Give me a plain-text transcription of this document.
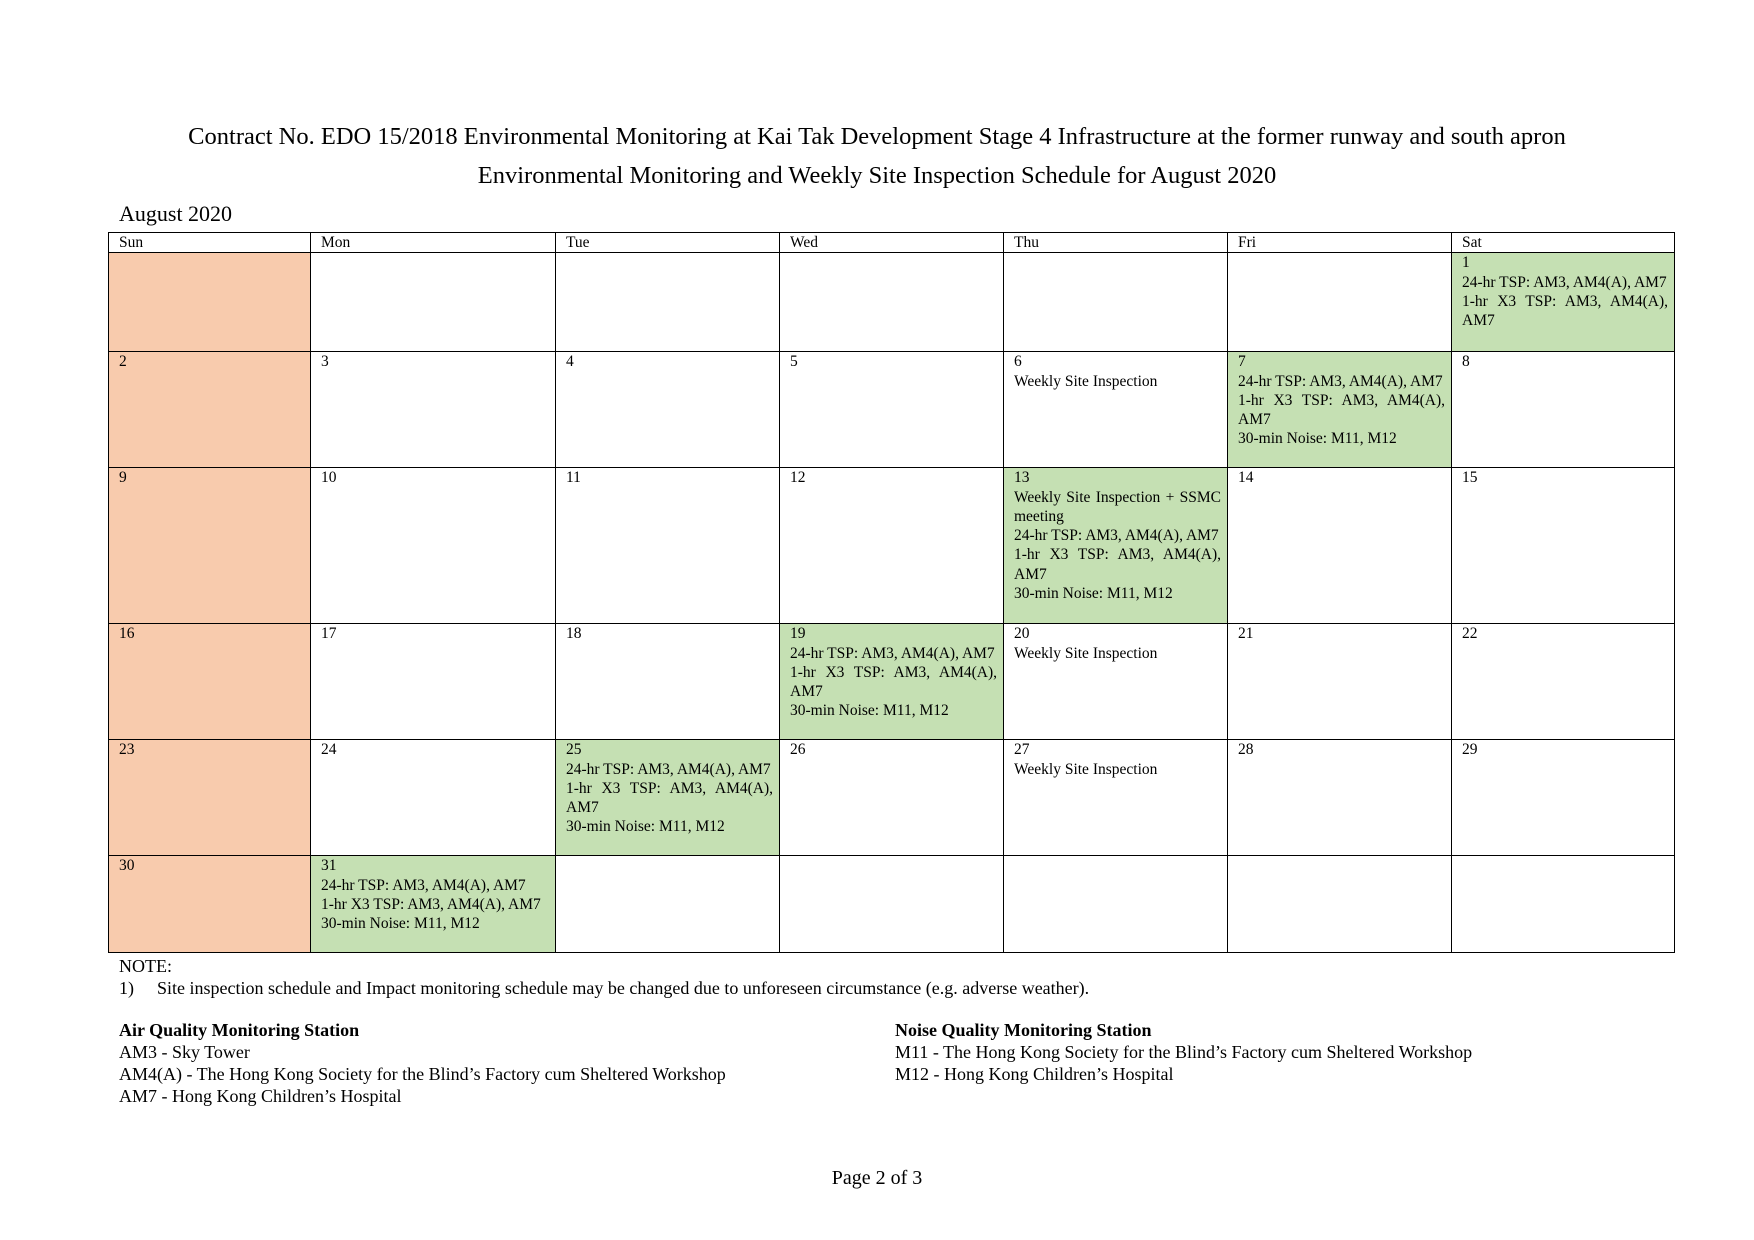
Contract No. EDO 15/2018 Environmental Monitoring at Kai Tak Development Stage 4 Infrastructure at the former runway and south apron
Environmental Monitoring and Weekly Site Inspection Schedule for August 2020
August 2020
Sun	Mon	Tue	Wed	Thu	Fri	Sat

						1
24-hr TSP: AM3, AM4(A), AM7
1-hr X3 TSP: AM3, AM4(A), AM7

2	3	4	5	6
Weekly Site Inspection	7
24-hr TSP: AM3, AM4(A), AM7
1-hr X3 TSP: AM3, AM4(A), AM7
30-min Noise: M11, M12	8

9	10	11	12	13
Weekly Site Inspection + SSMC meeting
24-hr TSP: AM3, AM4(A), AM7
1-hr X3 TSP: AM3, AM4(A), AM7
30-min Noise: M11, M12	14	15

16	17	18	19
24-hr TSP: AM3, AM4(A), AM7
1-hr X3 TSP: AM3, AM4(A), AM7
30-min Noise: M11, M12	20
Weekly Site Inspection	21	22

23	24	25
24-hr TSP: AM3, AM4(A), AM7
1-hr X3 TSP: AM3, AM4(A), AM7
30-min Noise: M11, M12	26	27
Weekly Site Inspection	28	29

30	31
24-hr TSP: AM3, AM4(A), AM7
1-hr X3 TSP: AM3, AM4(A), AM7
30-min Noise: M11, M12					

NOTE:
1) Site inspection schedule and Impact monitoring schedule may be changed due to unforeseen circumstance (e.g. adverse weather).
Air Quality Monitoring Station
AM3 - Sky Tower
AM4(A) - The Hong Kong Society for the Blind’s Factory cum Sheltered Workshop
AM7 - Hong Kong Children’s Hospital
Noise Quality Monitoring Station
M11 - The Hong Kong Society for the Blind’s Factory cum Sheltered Workshop
M12 - Hong Kong Children’s Hospital
Page 2 of 3
